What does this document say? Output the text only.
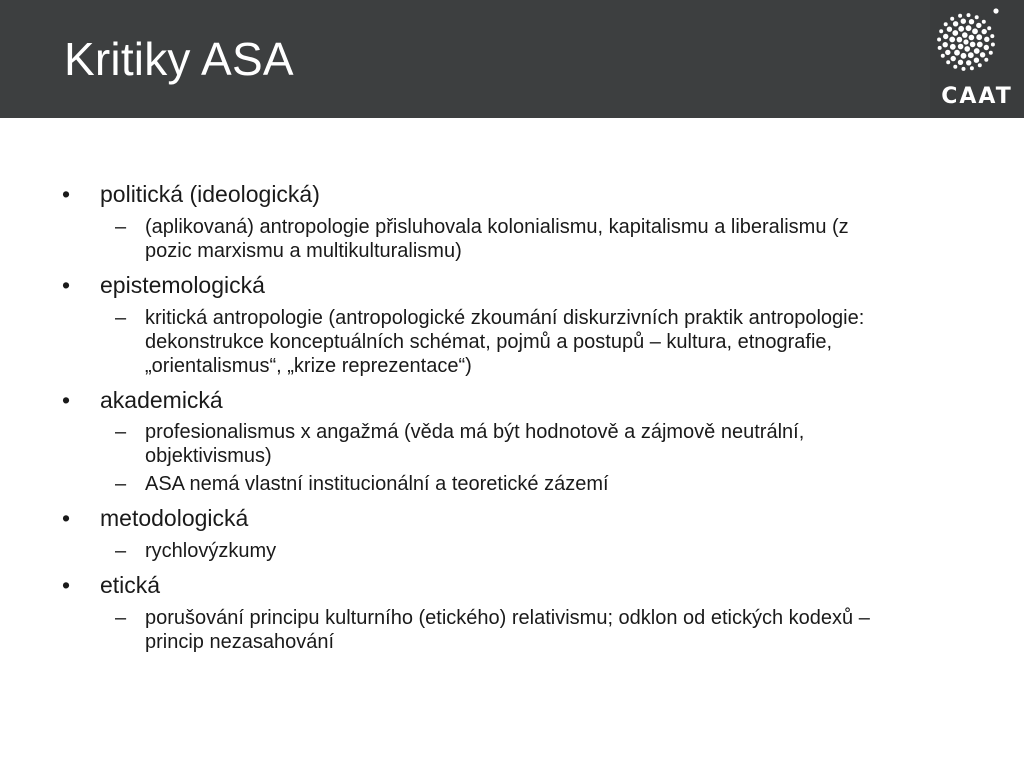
Kritiky ASA
CAAT
• politická (ideologická)
– (aplikovaná) antropologie přisluhovala kolonialismu, kapitalismu a liberalismu (z pozic marxismu a multikulturalismu)
• epistemologická
– kritická antropologie (antropologické zkoumání diskurzivních praktik antropologie: dekonstrukce konceptuálních schémat, pojmů a postupů – kultura, etnografie, „orientalismus“, „krize reprezentace“)
• akademická
– profesionalismus x angažmá (věda má být hodnotově a zájmově neutrální, objektivismus)
– ASA nemá vlastní institucionální a teoretické zázemí
• metodologická
– rychlovýzkumy
• etická
– porušování principu kulturního (etického) relativismu; odklon od etických kodexů – princip nezasahování
